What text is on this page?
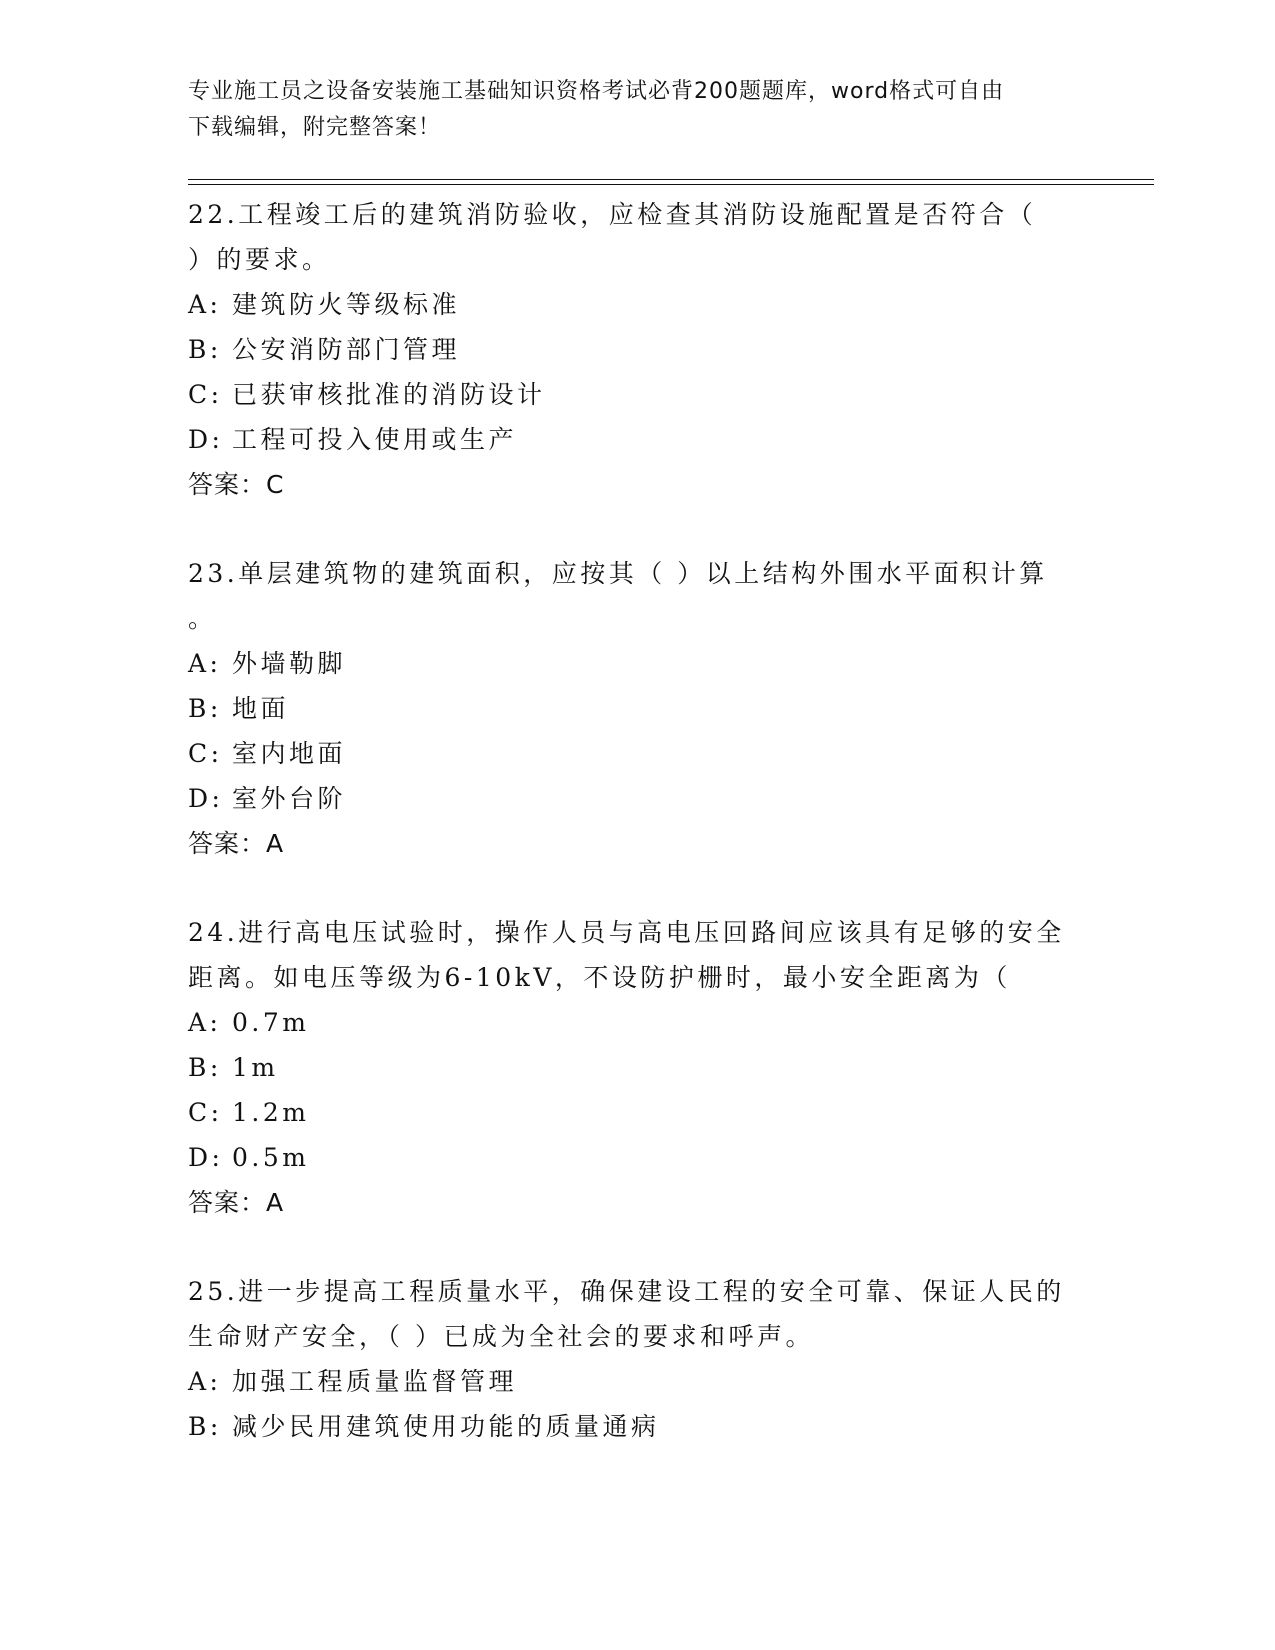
专业施工员之设备安装施工基础知识资格考试必背200题题库，word格式可自由
下载编辑，附完整答案！

22.工程竣工后的建筑消防验收，应检查其消防设施配置是否符合（

）的要求。

A: 建筑防火等级标准
B: 公安消防部门管理
C: 已获审核批准的消防设计
D: 工程可投入使用或生产

答案：C

23.单层建筑物的建筑面积，应按其（ ）以上结构外围水平面积计算

。

A: 外墙勒脚
B: 地面
C: 室内地面
D: 室外台阶

答案：A

24.进行高电压试验时，操作人员与高电压回路间应该具有足够的安全

距离。如电压等级为6-10kV，不设防护栅时，最小安全距离为（

A: 0.7m
B: 1m
C: 1.2m
D: 0.5m

答案：A

25.进一步提高工程质量水平，确保建设工程的安全可靠、保证人民的

生命财产安全，（ ）已成为全社会的要求和呼声。

A: 加强工程质量监督管理
B: 减少民用建筑使用功能的质量通病
